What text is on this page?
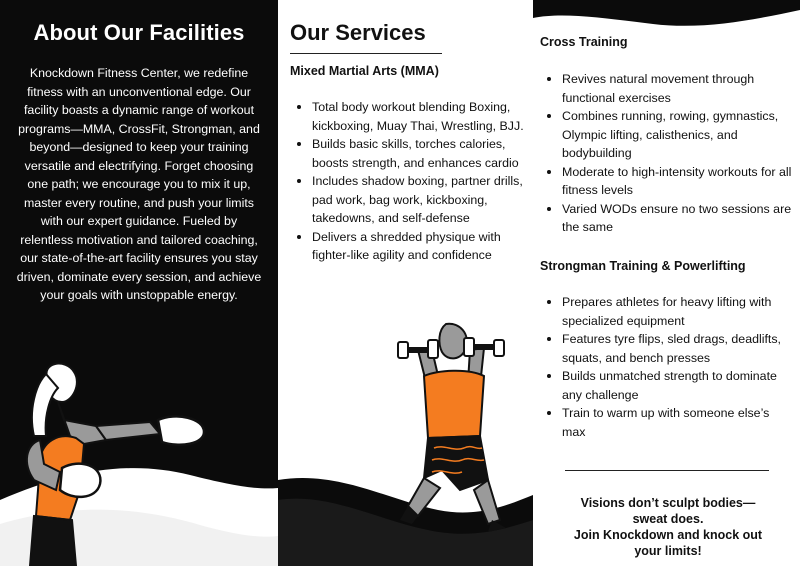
About Our Facilities

Knockdown Fitness Center, we redefine fitness with an unconventional edge. Our facility boasts a dynamic range of workout programs—MMA, CrossFit, Strongman, and beyond—designed to keep your training versatile and electrifying. Forget choosing one path; we encourage you to mix it up, master every routine, and push your limits with our expert guidance. Fueled by relentless motivation and tailored coaching, our state-of-the-art facility ensures you stay driven, dominate every session, and achieve your goals with unstoppable energy.

Our Services
Mixed Martial Arts (MMA)
Total body workout blending Boxing, kickboxing, Muay Thai, Wrestling, BJJ.
Builds basic skills, torches calories, boosts strength, and enhances cardio
Includes shadow boxing, partner drills, pad work, bag work, kickboxing, takedowns, and self-defense
Delivers a shredded physique with fighter-like agility and confidence
Cross Training
Revives natural movement through functional exercises
Combines running, rowing, gymnastics, Olympic lifting, calisthenics, and bodybuilding
Moderate to high-intensity workouts for all fitness levels
Varied WODs ensure no two sessions are the same
Strongman Training & Powerlifting
Prepares athletes for heavy lifting with specialized equipment
Features tyre flips, sled drags, deadlifts, squats, and bench presses
Builds unmatched strength to dominate any challenge
Train to warm up with someone else’s max
Visions don’t sculpt bodies—
sweat does.
Join Knockdown and knock out
your limits!
